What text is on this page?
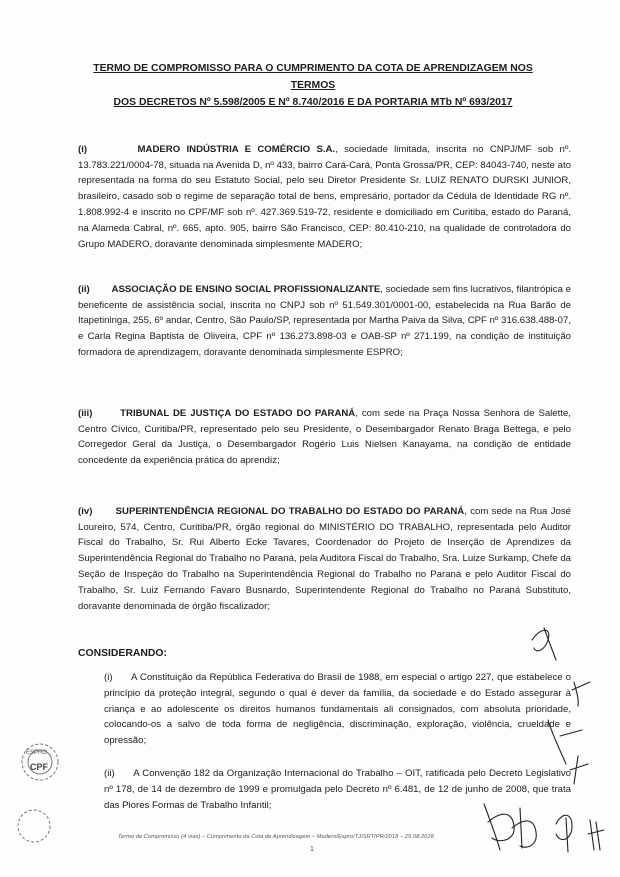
TERMO DE COMPROMISSO PARA O CUMPRIMENTO DA COTA DE APRENDIZAGEM NOS TERMOS
DOS DECRETOS Nº 5.598/2005 E Nº 8.740/2016 E DA PORTARIA MTb Nº 693/2017

(i)	MADERO INDÚSTRIA E COMÉRCIO S.A., sociedade limitada, inscrita no CNPJ/MF sob nº. 13.783.221/0004-78, situada na Avenida D, nº 433, bairro Cará-Cará, Ponta Grossa/PR, CEP: 84043-740, neste ato representada na forma do seu Estatuto Social, pelo seu Diretor Presidente Sr. LUIZ RENATO DURSKI JUNIOR, brasileiro, casado sob o regime de separação total de bens, empresário, portador da Cédula de Identidade RG nº. 1.808.992-4 e inscrito no CPF/MF sob nº. 427.369.519-72, residente e domiciliado em Curitiba, estado do Paraná, na Alameda Cabral, nº. 665, apto. 905, bairro São Francisco, CEP: 80.410-210, na qualidade de controladora do Grupo MADERO, doravante denominada simplesmente MADERO;

(ii) ASSOCIAÇÃO DE ENSINO SOCIAL PROFISSIONALIZANTE, sociedade sem fins lucrativos, filantrópica e beneficente de assistência social, inscrita no CNPJ sob nº 51.549.301/0001-00, estabelecida na Rua Barão de Itapetininga, 255, 6º andar, Centro, São Paulo/SP, representada por Martha Paiva da Silva, CPF nº 316.638.488-07, e Carla Regina Baptista de Oliveira, CPF nº 136.273.898-03 e OAB-SP nº 271.199, na condição de instituição formadora de aprendizagem, doravante denominada simplesmente ESPRO;

(iii)	TRIBUNAL DE JUSTIÇA DO ESTADO DO PARANÁ, com sede na Praça Nossa Senhora de Salette, Centro Cívico, Curitiba/PR, representado pelo seu Presidente, o Desembargador Renato Braga Bettega, e pelo Corregedor Geral da Justiça, o Desembargador Rogério Luis Nielsen Kanayama, na condição de entidade concedente da experiência prática do aprendiz;

(iv) SUPERINTENDÊNCIA REGIONAL DO TRABALHO DO ESTADO DO PARANÁ, com sede na Rua José Loureiro, 574, Centro, Curitiba/PR, órgão regional do MINISTÉRIO DO TRABALHO, representada pelo Auditor Fiscal do Trabalho, Sr. Rui Alberto Ecke Tavares, Coordenador do Projeto de Inserção de Aprendizes da Superintendência Regional do Trabalho no Paraná, pela Auditora Fiscal do Trabalho, Sra. Luize Surkamp, Chefe da Seção de Inspeção do Trabalho na Superintendência Regional do Trabalho no Paraná e pelo Auditor Fiscal do Trabalho, Sr. Luiz Fernando Favaro Busnardo, Superintendente Regional do Trabalho no Paraná Substituto, doravante denominada de órgão fiscalizador;

CONSIDERANDO:
(i) A Constituição da República Federativa do Brasil de 1988, em especial o artigo 227, que estabelece o princípio da proteção integral, segundo o qual é dever da família, da sociedade e do Estado assegurar à criança e ao adolescente os direitos humanos fundamentais ali consignados, com absoluta prioridade, colocando-os a salvo de toda forma de negligência, discriminação, exploração, violência, crueldade e opressão;
(ii) A Convenção 182 da Organização Internacional do Trabalho – OIT, ratificada pelo Decreto Legislativo nº 178, de 14 de dezembro de 1999 e promulgada pelo Decreto nº 6.481, de 12 de junho de 2008, que trata das Piores Formas de Trabalho Infantil;
Termo de Compromisso (4 vias) – Cumprimento da Cota de Aprendizagem – Madero/Espro/TJ/SRT/PR/2018 – 25.08.2018
1
ESPRO
CPF
